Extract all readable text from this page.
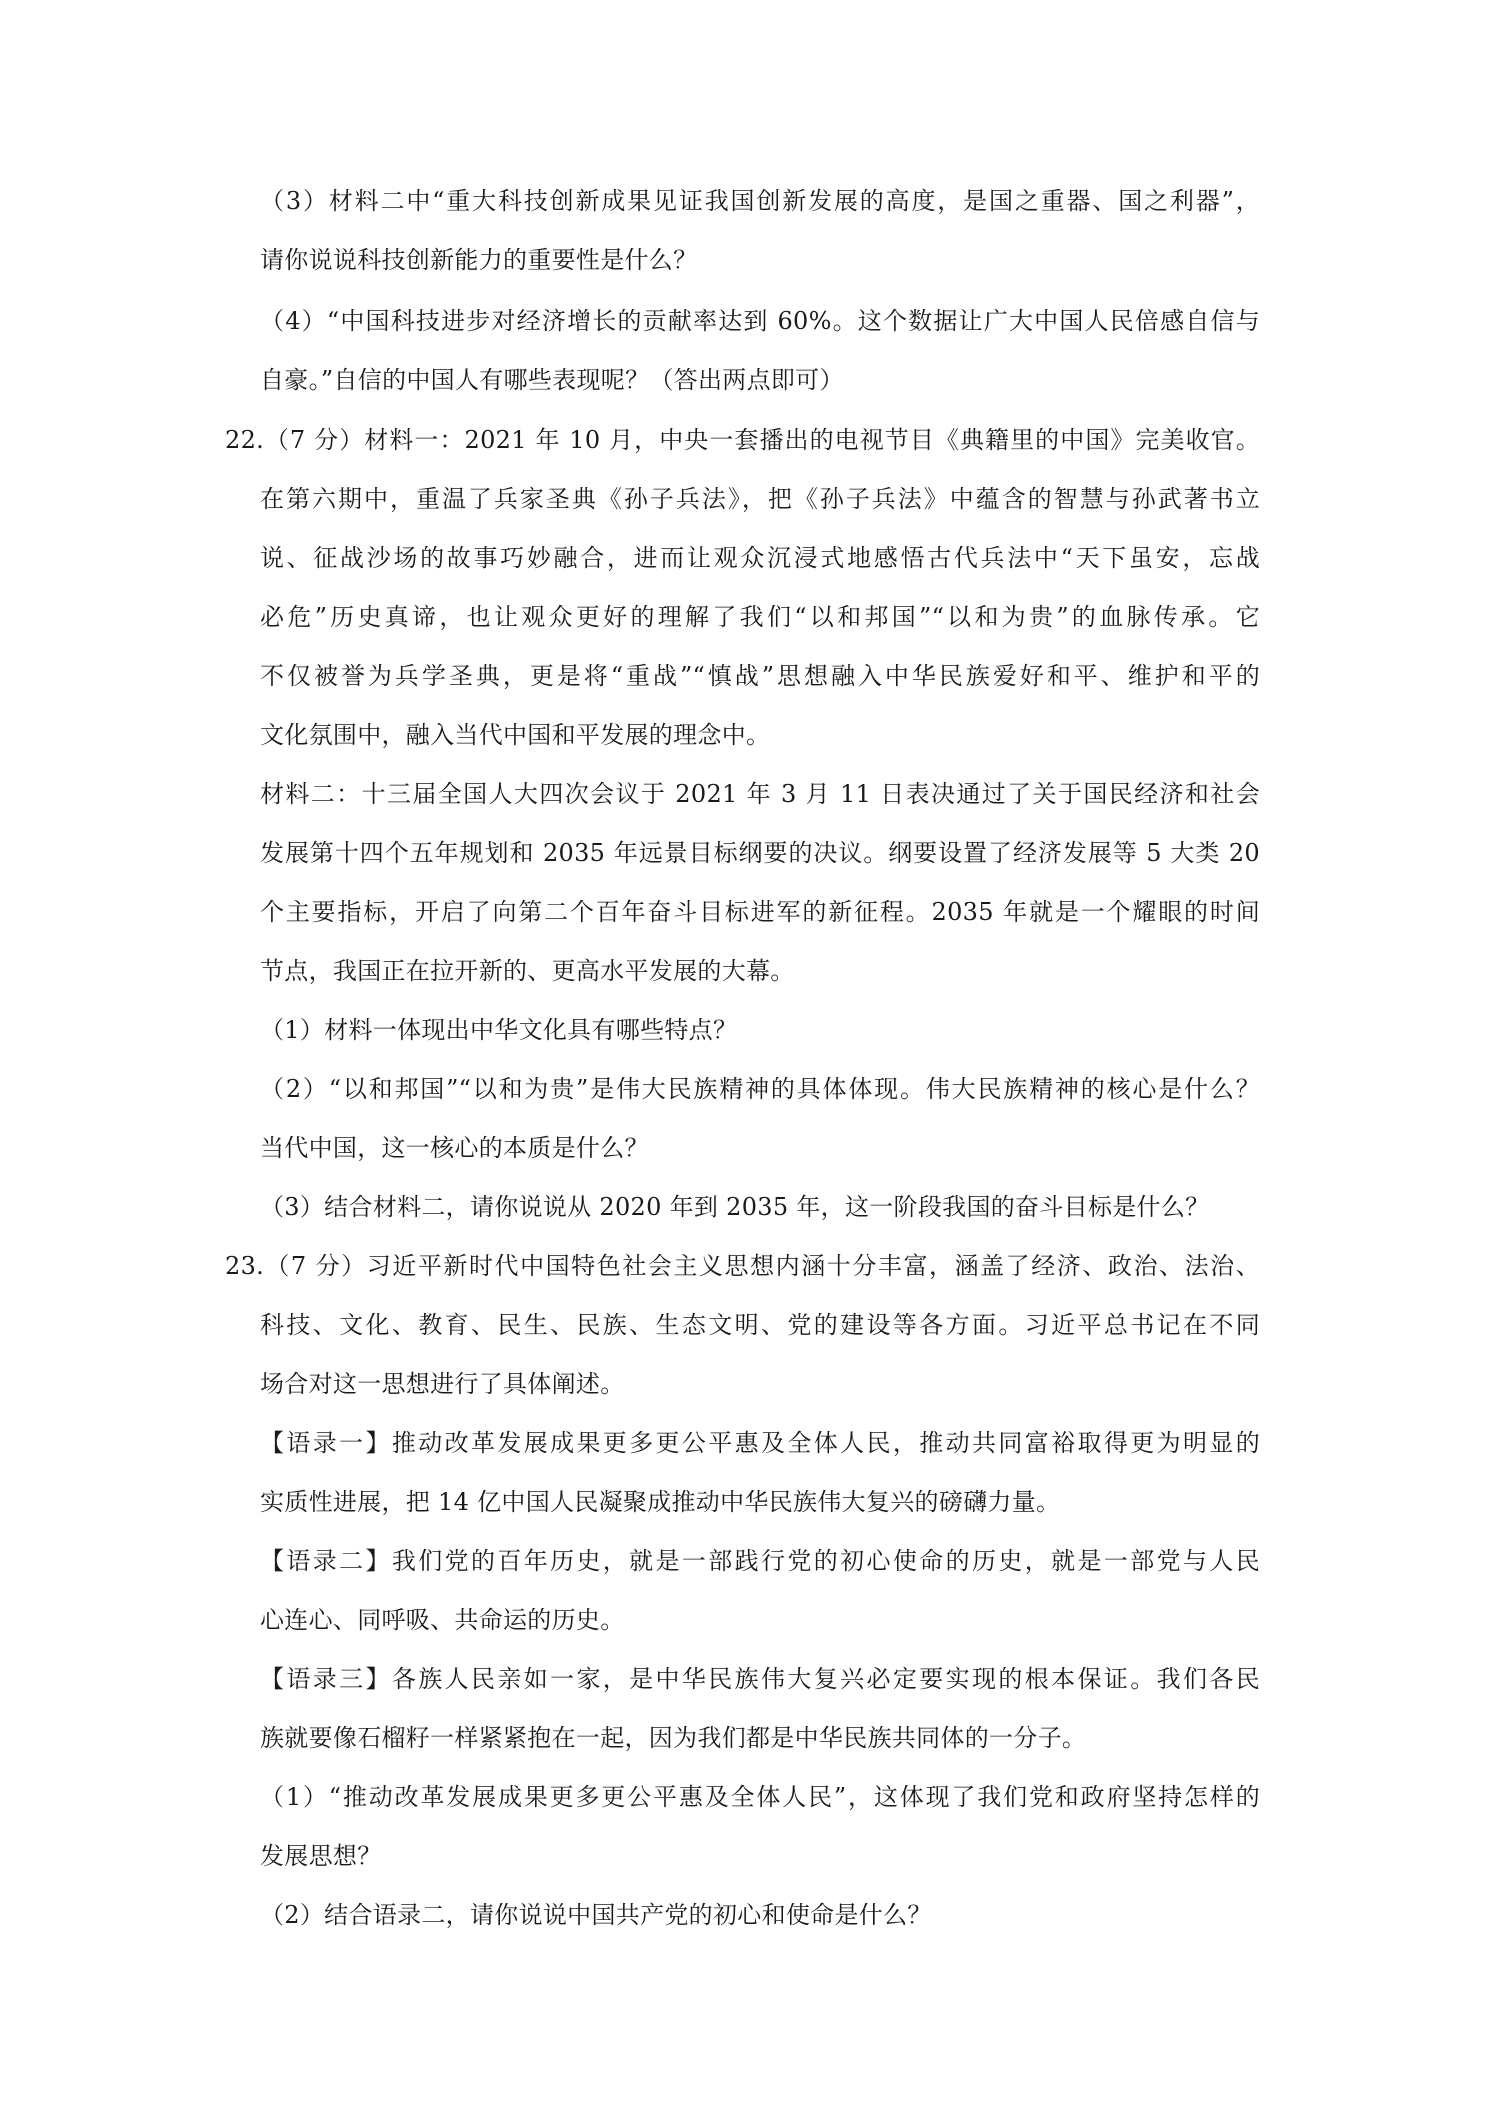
（3）材料二中“重大科技创新成果见证我国创新发展的高度，是国之重器、国之利器”，
请你说说科技创新能力的重要性是什么？
（4）“中国科技进步对经济增长的贡献率达到 60%。这个数据让广大中国人民倍感自信与
自豪。”自信的中国人有哪些表现呢？（答出两点即可）
22.（7 分）材料一：2021 年 10 月，中央一套播出的电视节目《典籍里的中国》完美收官。
在第六期中，重温了兵家圣典《孙子兵法》，把《孙子兵法》中蕴含的智慧与孙武著书立
说、征战沙场的故事巧妙融合，进而让观众沉浸式地感悟古代兵法中“天下虽安，忘战
必危”历史真谛，也让观众更好的理解了我们“以和邦国”“以和为贵”的血脉传承。它
不仅被誉为兵学圣典，更是将“重战”“慎战”思想融入中华民族爱好和平、维护和平的
文化氛围中，融入当代中国和平发展的理念中。
材料二：十三届全国人大四次会议于 2021 年 3 月 11 日表决通过了关于国民经济和社会
发展第十四个五年规划和 2035 年远景目标纲要的决议。纲要设置了经济发展等 5 大类 20
个主要指标，开启了向第二个百年奋斗目标进军的新征程。2035 年就是一个耀眼的时间
节点，我国正在拉开新的、更高水平发展的大幕。
（1）材料一体现出中华文化具有哪些特点？
（2）“以和邦国”“以和为贵”是伟大民族精神的具体体现。伟大民族精神的核心是什么？
当代中国，这一核心的本质是什么？
（3）结合材料二，请你说说从 2020 年到 2035 年，这一阶段我国的奋斗目标是什么？
23.（7 分）习近平新时代中国特色社会主义思想内涵十分丰富，涵盖了经济、政治、法治、
科技、文化、教育、民生、民族、生态文明、党的建设等各方面。习近平总书记在不同
场合对这一思想进行了具体阐述。
【语录一】推动改革发展成果更多更公平惠及全体人民，推动共同富裕取得更为明显的
实质性进展，把 14 亿中国人民凝聚成推动中华民族伟大复兴的磅礴力量。
【语录二】我们党的百年历史，就是一部践行党的初心使命的历史，就是一部党与人民
心连心、同呼吸、共命运的历史。
【语录三】各族人民亲如一家，是中华民族伟大复兴必定要实现的根本保证。我们各民
族就要像石榴籽一样紧紧抱在一起，因为我们都是中华民族共同体的一分子。
（1）“推动改革发展成果更多更公平惠及全体人民”，这体现了我们党和政府坚持怎样的
发展思想？
（2）结合语录二，请你说说中国共产党的初心和使命是什么？
